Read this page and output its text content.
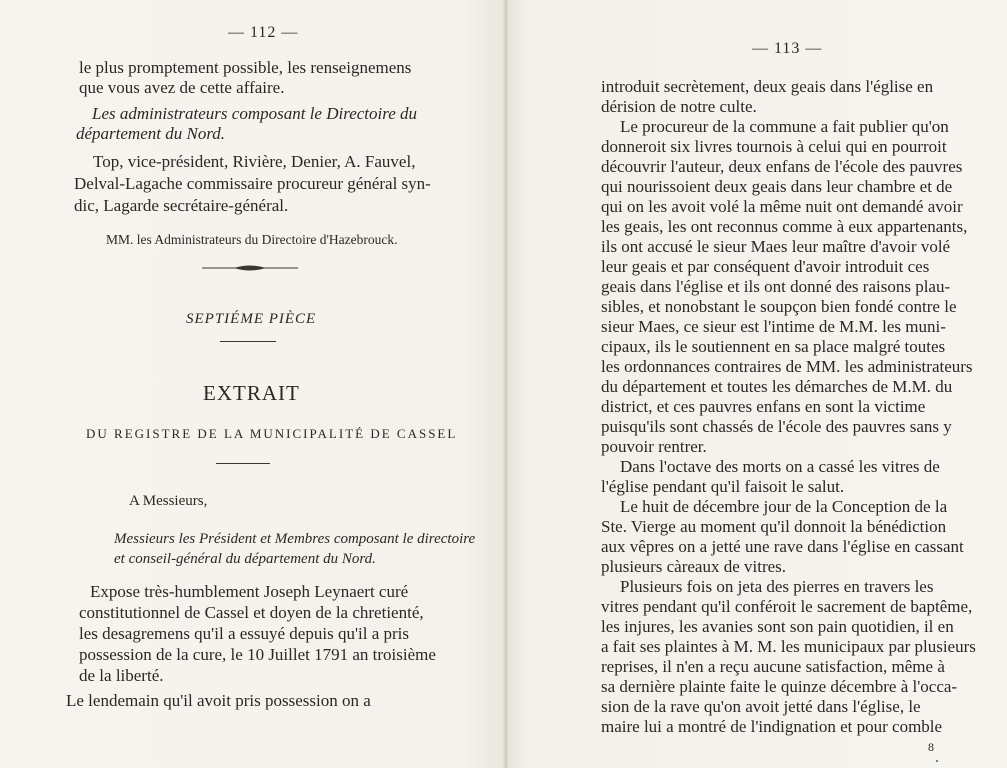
— 112 —
le plus promptement possible, les renseignemens
que vous avez de cette affaire.
Les administrateurs composant le Directoire du
département du Nord.
Top, vice-président, Rivière, Denier, A. Fauvel,
Delval-Lagache commissaire procureur général syn-
dic, Lagarde secrétaire-général.
MM. les Administrateurs du Directoire d'Hazebrouck.
SEPTIÉME PIÈCE
EXTRAIT
DU REGISTRE DE LA MUNICIPALITÉ DE CASSEL
A Messieurs,
Messieurs les Président et Membres composant le directoire
et conseil-général du département du Nord.
Expose très-humblement Joseph Leynaert curé
constitutionnel de Cassel et doyen de la chretienté,
les desagremens qu'il a essuyé depuis qu'il a pris
possession de la cure, le 10 Juillet 1791 an troisième
de la liberté.
Le lendemain qu'il avoit pris possession on a
— 113 —
introduit secrètement, deux geais dans l'église en
dérision de notre culte.
Le procureur de la commune a fait publier qu'on
donneroit six livres tournois à celui qui en pourroit
découvrir l'auteur, deux enfans de l'école des pauvres
qui nourissoient deux geais dans leur chambre et de
qui on les avoit volé la même nuit ont demandé avoir
les geais, les ont reconnus comme à eux appartenants,
ils ont accusé le sieur Maes leur maître d'avoir volé
leur geais et par conséquent d'avoir introduit ces
geais dans l'église et ils ont donné des raisons plau-
sibles, et nonobstant le soupçon bien fondé contre le
sieur Maes, ce sieur est l'intime de M.M. les muni-
cipaux, ils le soutiennent en sa place malgré toutes
les ordonnances contraires de MM. les administrateurs
du département et toutes les démarches de M.M. du
district, et ces pauvres enfans en sont la victime
puisqu'ils sont chassés de l'école des pauvres sans y
pouvoir rentrer.
Dans l'octave des morts on a cassé les vitres de
l'église pendant qu'il faisoit le salut.
Le huit de décembre jour de la Conception de la
Ste. Vierge au moment qu'il donnoit la bénédiction
aux vêpres on a jetté une rave dans l'église en cassant
plusieurs càreaux de vitres.
Plusieurs fois on jeta des pierres en travers les
vitres pendant qu'il conféroit le sacrement de baptême,
les injures, les avanies sont son pain quotidien, il en
a fait ses plaintes à M. M. les municipaux par plusieurs
reprises, il n'en a reçu aucune satisfaction, même à
sa dernière plainte faite le quinze décembre à l'occa-
sion de la rave qu'on avoit jetté dans l'église, le
maire lui a montré de l'indignation et pour comble
8
